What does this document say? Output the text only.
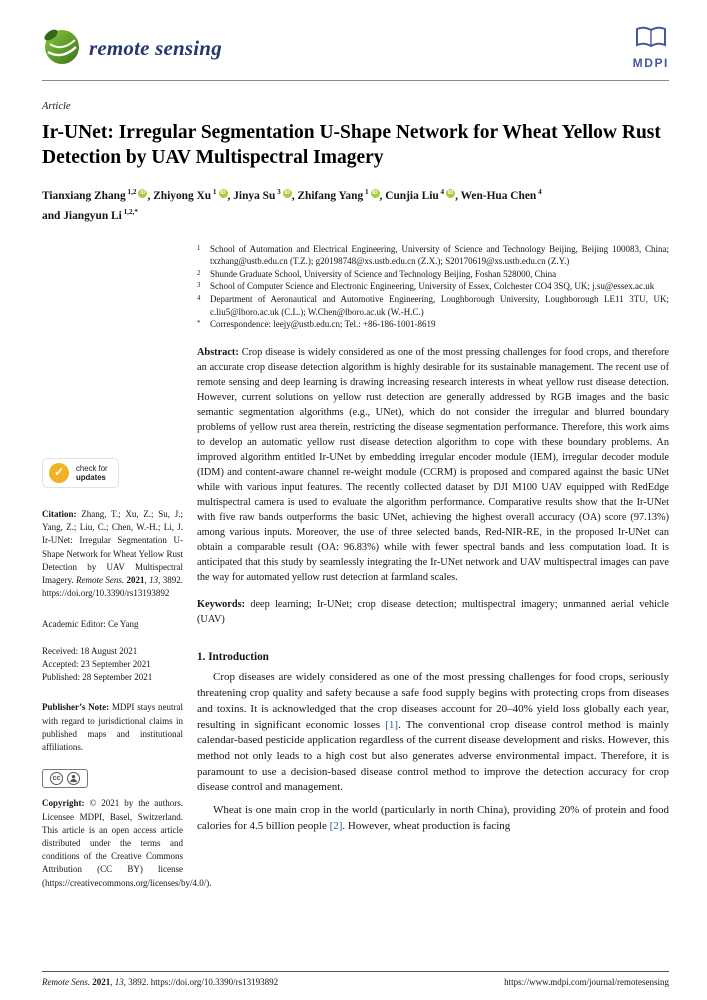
remote sensing
MDPI
Article
Ir-UNet: Irregular Segmentation U-Shape Network for Wheat Yellow Rust Detection by UAV Multispectral Imagery
Tianxiang Zhang $^{1,2}$ iD , Zhiyong Xu $^1$ iD , Jinya Su $^3$ iD , Zhifang Yang $^1$ iD , Cunjia Liu $^4$ iD , Wen-Hua Chen $^4$
and Jiangyun Li $^{1,2,*}$
1	School of Automation and Electrical Engineering, University of Science and Technology Beijing, Beijing 100083, China; txzhang@ustb.edu.cn (T.Z.); g20198748@xs.ustb.edu.cn (Z.X.); S20170619@xs.ustb.edu.cn (Z.Y.)
2	Shunde Graduate School, University of Science and Technology Beijing, Foshan 528000, China
3	School of Computer Science and Electronic Engineering, University of Essex, Colchester CO4 3SQ, UK; j.su@essex.ac.uk
4	Department of Aeronautical and Automotive Engineering, Loughborough University, Loughborough LE11 3TU, UK; c.liu5@lboro.ac.uk (C.L.); W.Chen@lboro.ac.uk (W.-H.C.)
*	Correspondence: leejy@ustb.edu.cn; Tel.: +86-186-1001-8619

Abstract: Crop disease is widely considered as one of the most pressing challenges for food crops, and therefore an accurate crop disease detection algorithm is highly desirable for its sustainable management. The recent use of remote sensing and deep learning is drawing increasing research interests in wheat yellow rust disease detection. However, current solutions on yellow rust detection are generally addressed by RGB images and the basic semantic segmentation algorithms (e.g., UNet), which do not consider the irregular and blurred boundary problems of yellow rust area therein, restricting the disease segmentation performance. Therefore, this work aims to develop an automatic yellow rust disease detection algorithm to cope with these boundary problems. An improved algorithm entitled Ir-UNet by embedding irregular encoder module (IEM), irregular decoder module (IDM) and content-aware channel re-weight module (CCRM) is proposed and compared against the basic UNet while with various input features. The recently collected dataset by DJI M100 UAV equipped with RedEdge multispectral camera is used to evaluate the algorithm performance. Comparative results show that the Ir-UNet with five raw bands outperforms the basic UNet, achieving the highest overall accuracy (OA) score (97.13%) among various inputs. Moreover, the use of three selected bands, Red-NIR-RE, in the proposed Ir-UNet can obtain a comparable result (OA: 96.83%) while with fewer spectral bands and less computation load. It is anticipated that this study by seamlessly integrating the Ir-UNet network and UAV multispectral images can pave the way for automated yellow rust detection at farmland scales.

Keywords: deep learning; Ir-UNet; crop disease detection; multispectral imagery; unmanned aerial vehicle (UAV)

1. Introduction

Crop diseases are widely considered as one of the most pressing challenges for food crops, seriously threatening crop quality and safety because a safe food supply begins with protecting crops from diseases and toxins. It is acknowledged that the crop diseases account for 20–40% yield loss globally each year, resulting in significant economic losses [1]. The conventional crop disease control method is mainly calendar-based pesticide application regardless of the current disease development and risks. However, this method not only leads to a high cost but also generates adverse environmental impact. Therefore, it is paramount to use a decision-based disease control method to improve the detection accuracy for crop disease control and management.

Wheat is one main crop in the world (particularly in north China), providing 20% of protein and food calories for 4.5 billion people [2]. However, wheat production is facing

✓	check for
updates

Citation: Zhang, T.; Xu, Z.; Su, J.; Yang, Z.; Liu, C.; Chen, W.-H.; Li, J. Ir-UNet: Irregular Segmentation U-Shape Network for Wheat Yellow Rust Detection by UAV Multispectral Imagery. Remote Sens. 2021, 13, 3892. https://doi.org/10.3390/rs13193892

Academic Editor: Ce Yang

Received: 18 August 2021
Accepted: 23 September 2021
Published: 28 September 2021

Publisher’s Note: MDPI stays neutral with regard to jurisdictional claims in published maps and institutional affiliations.

cc

Copyright: © 2021 by the authors. Licensee MDPI, Basel, Switzerland. This article is an open access article distributed under the terms and conditions of the Creative Commons Attribution (CC BY) license (https://creativecommons.org/licenses/by/4.0/).

Remote Sens. 2021, 13, 3892. https://doi.org/10.3390/rs13193892	https://www.mdpi.com/journal/remotesensing
